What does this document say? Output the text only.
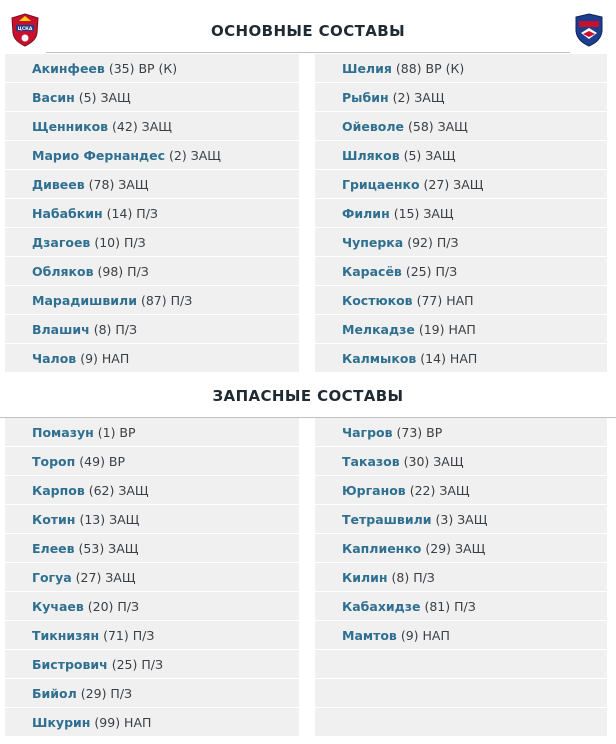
ЦСКА	ОСНОВНЫЕ СОСТАВЫ
Акинфеев (35) ВР (К)
Васин (5) ЗАЩ
Щенников (42) ЗАЩ
Марио Фернандес (2) ЗАЩ
Дивеев (78) ЗАЩ
Набабкин (14) П/З
Дзагоев (10) П/З
Обляков (98) П/З
Марадишвили (87) П/З
Влашич (8) П/З
Чалов (9) НАП
Шелия (88) ВР (К)
Рыбин (2) ЗАЩ
Ойеволе (58) ЗАЩ
Шляков (5) ЗАЩ
Грицаенко (27) ЗАЩ
Филин (15) ЗАЩ
Чуперка (92) П/З
Карасёв (25) П/З
Костюков (77) НАП
Мелкадзе (19) НАП
Калмыков (14) НАП
ЗАПАСНЫЕ СОСТАВЫ
Помазун (1) ВР
Тороп (49) ВР
Карпов (62) ЗАЩ
Котин (13) ЗАЩ
Елеев (53) ЗАЩ
Гогуа (27) ЗАЩ
Кучаев (20) П/З
Тикнизян (71) П/З
Бистрович (25) П/З
Бийол (29) П/З
Шкурин (99) НАП
Чагров (73) ВР
Таказов (30) ЗАЩ
Юрганов (22) ЗАЩ
Тетрашвили (3) ЗАЩ
Каплиенко (29) ЗАЩ
Килин (8) П/З
Кабахидзе (81) П/З
Мамтов (9) НАП
